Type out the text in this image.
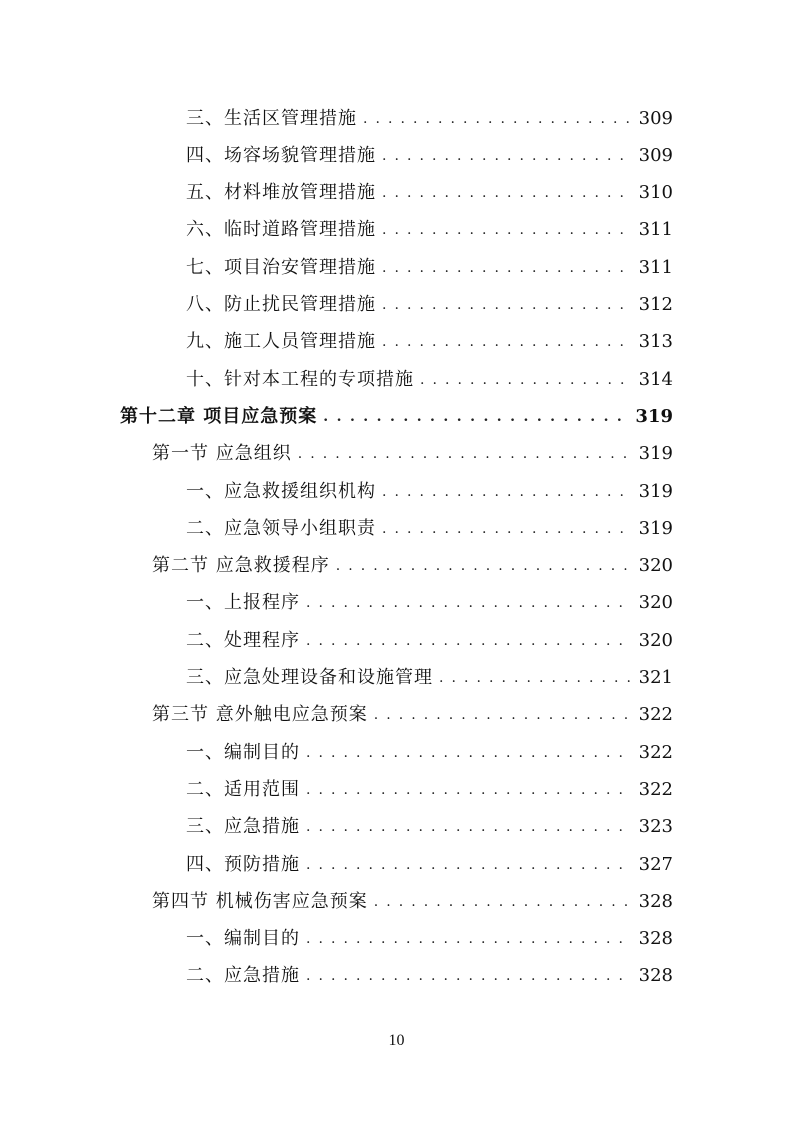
三、生活区管理措施 . . .	309
四、场容场貌管理措施 . . .	309
五、材料堆放管理措施 . . .	310
六、临时道路管理措施 . . .	311
七、项目治安管理措施 . . .	311
八、防止扰民管理措施 . . .	312
九、施工人员管理措施 . . .	313
十、针对本工程的专项措施 . . .	314
第十二章 项目应急预案 . . .	319
第一节 应急组织 . . .	319
一、应急救援组织机构 . . .	319
二、应急领导小组职责 . . .	319
第二节 应急救援程序 . . .	320
一、上报程序 . . .	320
二、处理程序 . . .	320
三、应急处理设备和设施管理 . . .	321
第三节 意外触电应急预案 . . .	322
一、编制目的 . . .	322
二、适用范围 . . .	322
三、应急措施 . . .	323
四、预防措施 . . .	327
第四节 机械伤害应急预案 . . .	328
一、编制目的 . . .	328
二、应急措施 . . .	328
10
